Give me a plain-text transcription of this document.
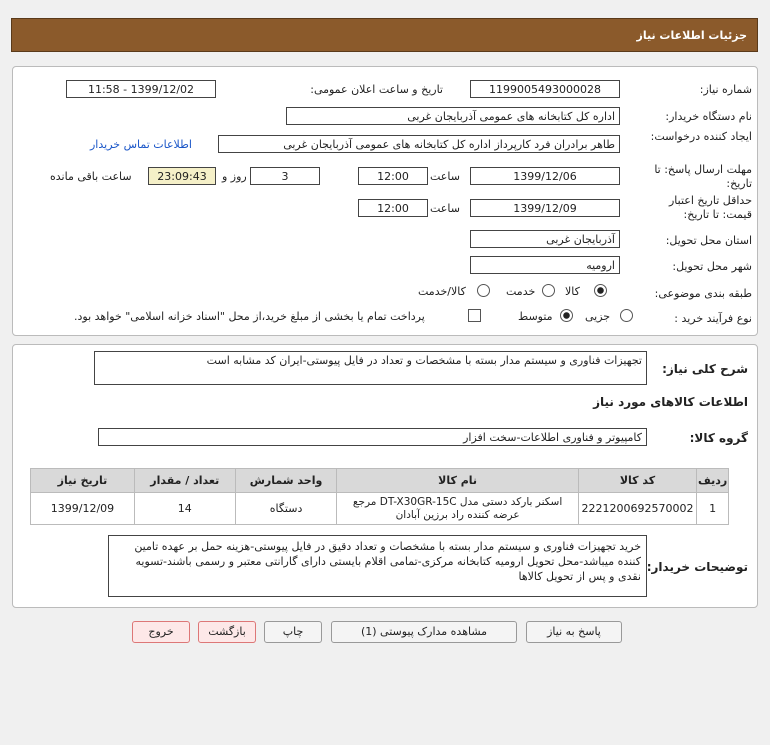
جزئیات اطلاعات نیاز
شماره نیاز:
1199005493000028
تاریخ و ساعت اعلان عمومی:
1399/12/02 - 11:58
نام دستگاه خریدار:
اداره کل کتابخانه های عمومی آذربایجان غربی
ایجاد کننده درخواست:
طاهر برادران فرد کارپرداز اداره کل کتابخانه های عمومی آذربایجان غربی
اطلاعات تماس خریدار
مهلت ارسال پاسخ: تا تاریخ:
1399/12/06
ساعت
12:00
3
روز و
23:09:43
ساعت باقی مانده
حداقل تاریخ اعتبار قیمت: تا تاریخ:
1399/12/09
ساعت
12:00
استان محل تحویل:
آذربایجان غربی
شهر محل تحویل:
ارومیه
طبقه بندی موضوعی:
کالا
خدمت
کالا/خدمت
نوع فرآیند خرید :
جزیی
متوسط
پرداخت تمام یا بخشی از مبلغ خرید،از محل "اسناد خزانه اسلامی" خواهد بود.
شرح کلی نیاز:
تجهیزات فناوری و سیستم مدار بسته با مشخصات و تعداد در فایل پیوستی-ایران کد مشابه است
اطلاعات کالاهای مورد نیاز
گروه کالا:
کامپیوتر و فناوری اطلاعات-سخت افزار
ردیف	کد کالا	نام کالا	واحد شمارش	تعداد / مقدار	تاریخ نیاز
1	2221200692570002	اسکنر بارکد دستی مدل DT-X30GR-15C مرجع عرضه کننده راد برزین آبادان	دستگاه	14	1399/12/09
توضیحات خریدار:
خرید تجهیزات فناوری و سیستم مدار بسته با مشخصات و تعداد دقیق در فایل پیوستی-هزینه حمل بر عهده تامین کننده میباشد-محل تحویل ارومیه کتابخانه مرکزی-تمامی اقلام بایستی دارای گارانتی معتبر و رسمی باشند-تسویه نقدی و پس از تحویل کالاها
پاسخ به نیاز
مشاهده مدارک پیوستی (1)
چاپ
بازگشت
خروج
